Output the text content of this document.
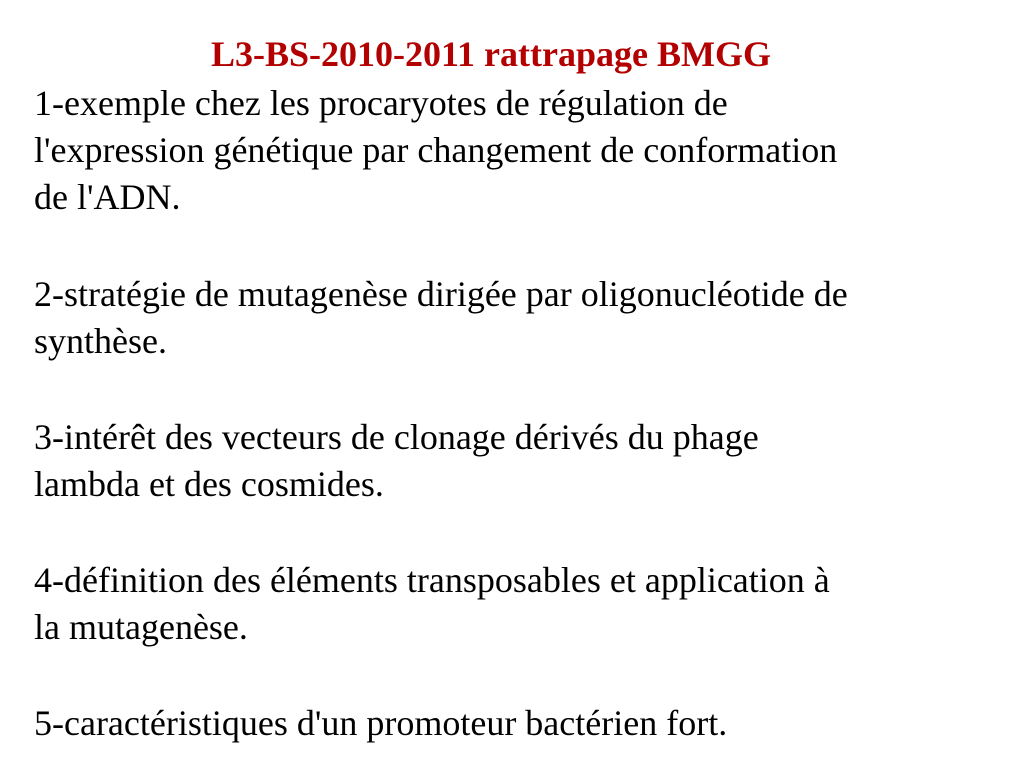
L3-BS-2010-2011 rattrapage BMGG
1-exemple chez les procaryotes de régulation de
l'expression génétique par changement de conformation
de l'ADN.
2-stratégie de mutagenèse dirigée par oligonucléotide de
synthèse.
3-intérêt des vecteurs de clonage dérivés du phage
lambda et des cosmides.
4-définition des éléments transposables et application à
la mutagenèse.
5-caractéristiques d'un promoteur bactérien fort.
